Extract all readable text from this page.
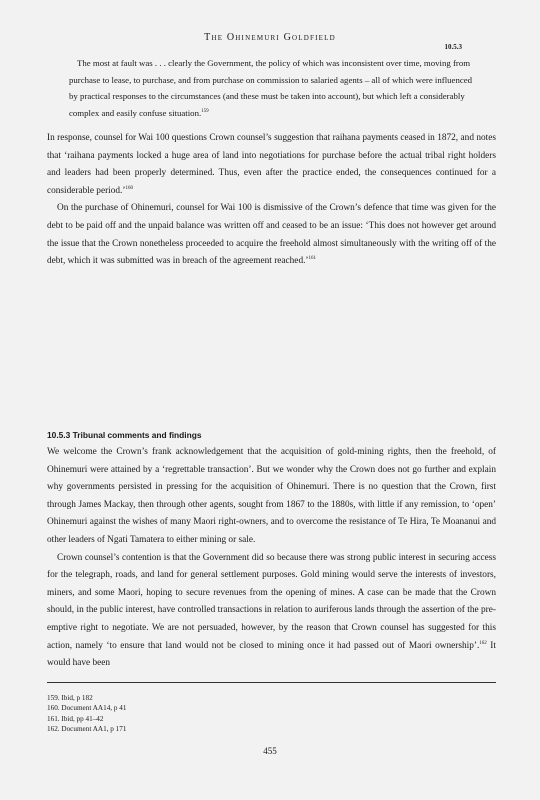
The Ohinemuri Goldfield
10.5.3

The most at fault was . . . clearly the Government, the policy of which was inconsistent over time, moving from purchase to lease, to purchase, and from purchase on commission to salaried agents – all of which were influenced by practical responses to the circumstances (and these must be taken into account), but which left a considerably complex and easily confuse situation.$^{159}$

In response, counsel for Wai 100 questions Crown counsel’s suggestion that raihana payments ceased in 1872, and notes that ‘raihana payments locked a huge area of land into negotiations for purchase before the actual tribal right holders and leaders had been properly determined. Thus, even after the practice ended, the consequences continued for a considerable period.’$^{160}$

On the purchase of Ohinemuri, counsel for Wai 100 is dismissive of the Crown’s defence that time was given for the debt to be paid off and the unpaid balance was written off and ceased to be an issue: ‘This does not however get around the issue that the Crown nonetheless proceeded to acquire the freehold almost simultaneously with the writing off of the debt, which it was submitted was in breach of the agreement reached.’$^{161}$

10.5.3 Tribunal comments and findings

We welcome the Crown’s frank acknowledgement that the acquisition of gold-mining rights, then the freehold, of Ohinemuri were attained by a ‘regrettable transaction’. But we wonder why the Crown does not go further and explain why governments persisted in pressing for the acquisition of Ohinemuri. There is no question that the Crown, first through James Mackay, then through other agents, sought from 1867 to the 1880s, with little if any remission, to ‘open’ Ohinemuri against the wishes of many Maori right-owners, and to overcome the resistance of Te Hira, Te Moananui and other leaders of Ngati Tamatera to either mining or sale.

Crown counsel’s contention is that the Government did so because there was strong public interest in securing access for the telegraph, roads, and land for general settlement purposes. Gold mining would serve the interests of investors, miners, and some Maori, hoping to secure revenues from the opening of mines. A case can be made that the Crown should, in the public interest, have controlled transactions in relation to auriferous lands through the assertion of the pre-emptive right to negotiate. We are not persuaded, however, by the reason that Crown counsel has suggested for this action, namely ‘to ensure that land would not be closed to mining once it had passed out of Maori ownership’.$^{162}$ It would have been

159. Ibid, p 182
160. Document AA14, p 41
161. Ibid, pp 41–42
162. Document AA1, p 171
455
